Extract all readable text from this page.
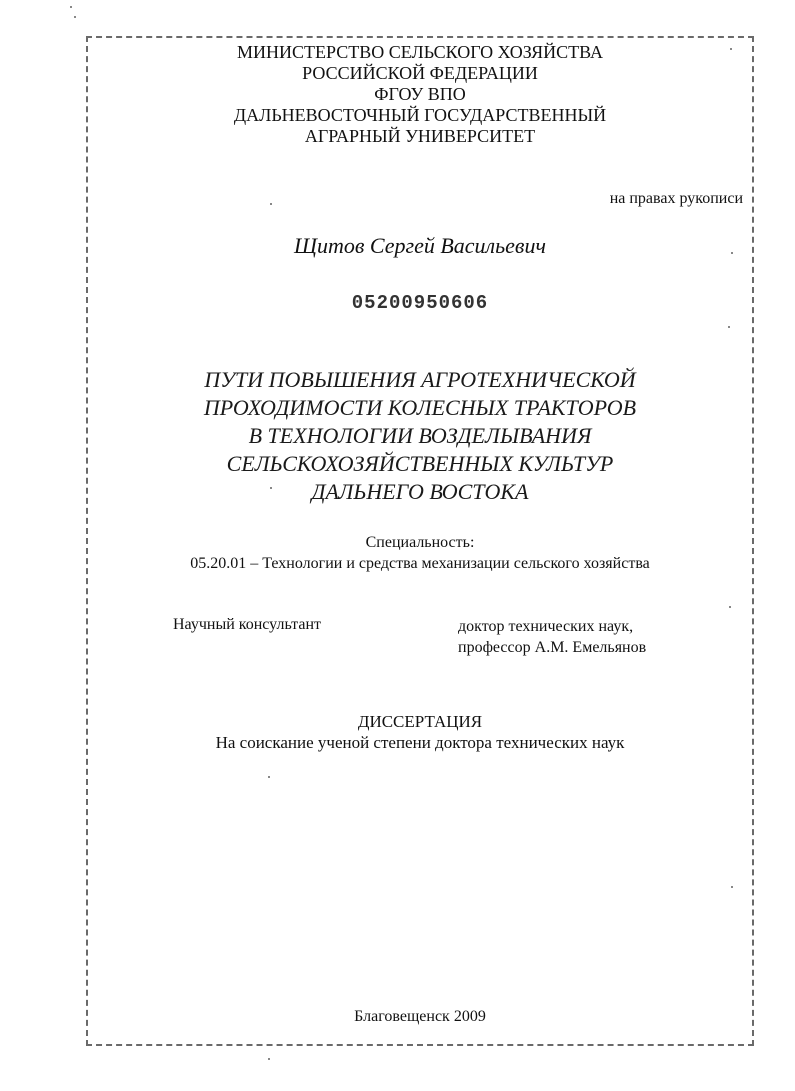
МИНИСТЕРСТВО СЕЛЬСКОГО ХОЗЯЙСТВА
РОССИЙСКОЙ ФЕДЕРАЦИИ
ФГОУ ВПО
ДАЛЬНЕВОСТОЧНЫЙ ГОСУДАРСТВЕННЫЙ
АГРАРНЫЙ УНИВЕРСИТЕТ
на правах рукописи
Щитов Сергей Васильевич
05200950606
ПУТИ ПОВЫШЕНИЯ АГРОТЕХНИЧЕСКОЙ
ПРОХОДИМОСТИ КОЛЕСНЫХ ТРАКТОРОВ
В ТЕХНОЛОГИИ ВОЗДЕЛЫВАНИЯ
СЕЛЬСКОХОЗЯЙСТВЕННЫХ КУЛЬТУР
ДАЛЬНЕГО ВОСТОКА
Специальность:
05.20.01 – Технологии и средства механизации сельского хозяйства
Научный консультант	доктор технических наук,
профессор А.М. Емельянов
ДИССЕРТАЦИЯ
На соискание ученой степени доктора технических наук
Благовещенск 2009
